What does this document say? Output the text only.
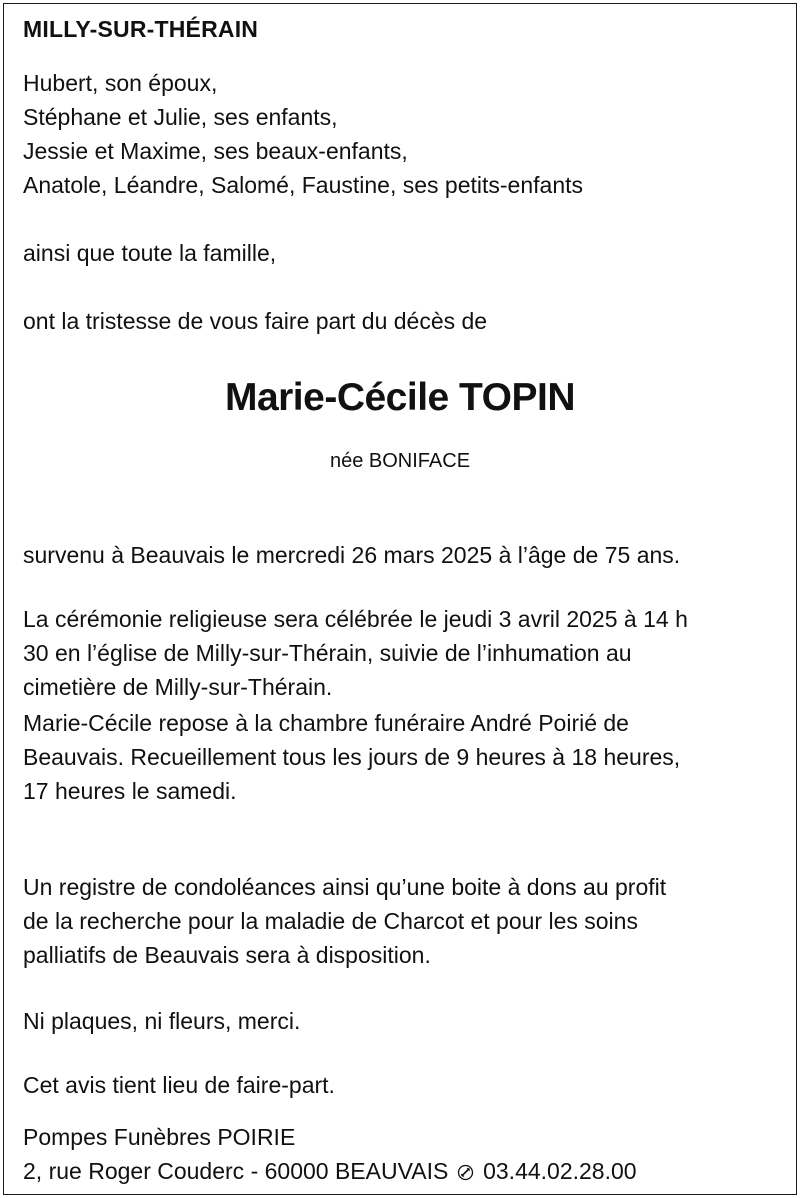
MILLY-SUR-THÉRAIN

Hubert, son époux,
Stéphane et Julie, ses enfants,
Jessie et Maxime, ses beaux-enfants,
Anatole, Léandre, Salomé, Faustine, ses petits-enfants

ainsi que toute la famille,

ont la tristesse de vous faire part du décès de

Marie-Cécile TOPIN

née BONIFACE

survenu à Beauvais le mercredi 26 mars 2025 à l’âge de 75 ans.

La cérémonie religieuse sera célébrée le jeudi 3 avril 2025 à 14 h
30 en l’église de Milly-sur-Thérain, suivie de l’inhumation au
cimetière de Milly-sur-Thérain.
Marie-Cécile repose à la chambre funéraire André Poirié de
Beauvais. Recueillement tous les jours de 9 heures à 18 heures,
17 heures le samedi.
Un registre de condoléances ainsi qu’une boite à dons au profit
de la recherche pour la maladie de Charcot et pour les soins
palliatifs de Beauvais sera à disposition.

Ni plaques, ni fleurs, merci.

Cet avis tient lieu de faire-part.

Pompes Funèbres POIRIE
2, rue Roger Couderc - 60000 BEAUVAIS 03.44.02.28.00
